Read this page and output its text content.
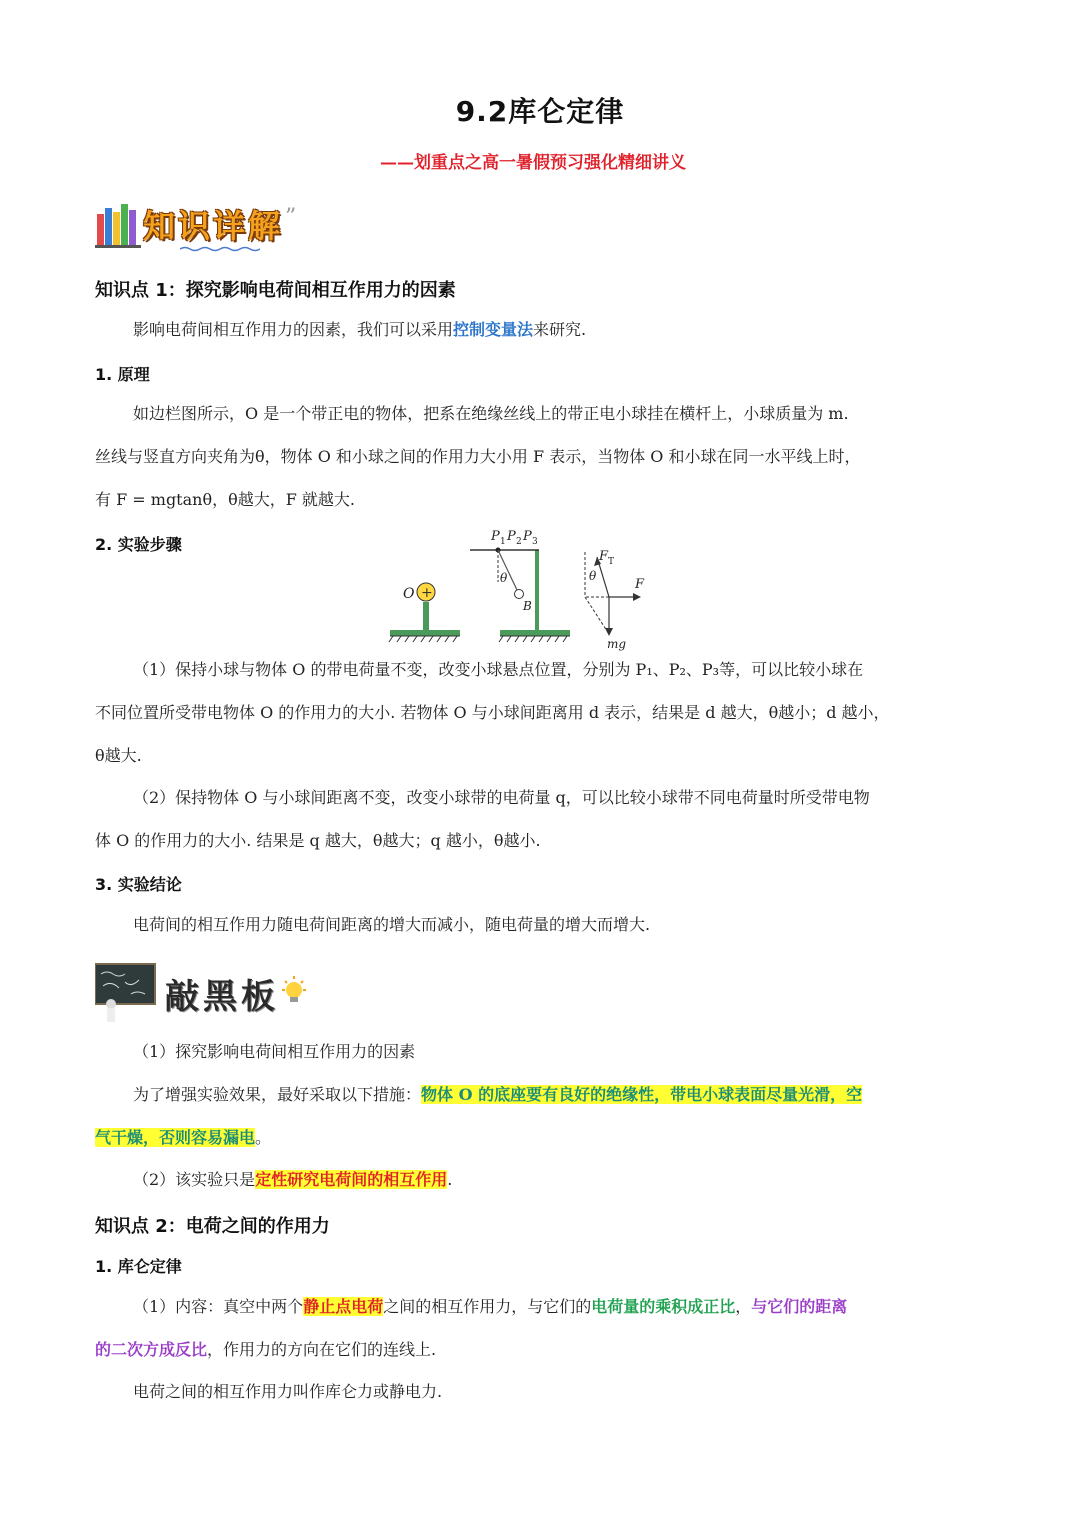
9.2库仑定律
——划重点之高一暑假预习强化精细讲义
知识详解 ”
知识点 1：探究影响电荷间相互作用力的因素
影响电荷间相互作用力的因素，我们可以采用控制变量法来研究.
1. 原理
如边栏图所示，O 是一个带正电的物体，把系在绝缘丝线上的带正电小球挂在横杆上，小球质量为 m.
丝线与竖直方向夹角为θ，物体 O 和小球之间的作用力大小用 F 表示，当物体 O 和小球在同一水平线上时，
有 F = mgtanθ，θ越大，F 就越大.
2. 实验步骤
+
O
θ
B
P 1 P 2 P 3
F T
θ
F
mg
（1）保持小球与物体 O 的带电荷量不变，改变小球悬点位置，分别为 P₁、P₂、P₃等，可以比较小球在
不同位置所受带电物体 O 的作用力的大小. 若物体 O 与小球间距离用 d 表示，结果是 d 越大，θ越小；d 越小，
θ越大.
（2）保持物体 O 与小球间距离不变，改变小球带的电荷量 q，可以比较小球带不同电荷量时所受带电物
体 O 的作用力的大小. 结果是 q 越大，θ越大；q 越小，θ越小.
3. 实验结论
电荷间的相互作用力随电荷间距离的增大而减小，随电荷量的增大而增大.
敲黑板
（1）探究影响电荷间相互作用力的因素
为了增强实验效果，最好采取以下措施：物体 O 的底座要有良好的绝缘性，带电小球表面尽量光滑，空
气干燥，否则容易漏电。
（2）该实验只是定性研究电荷间的相互作用.
知识点 2：电荷之间的作用力
1. 库仑定律
（1）内容：真空中两个静止点电荷之间的相互作用力，与它们的电荷量的乘积成正比，与它们的距离
的二次方成反比，作用力的方向在它们的连线上.
电荷之间的相互作用力叫作库仑力或静电力.
